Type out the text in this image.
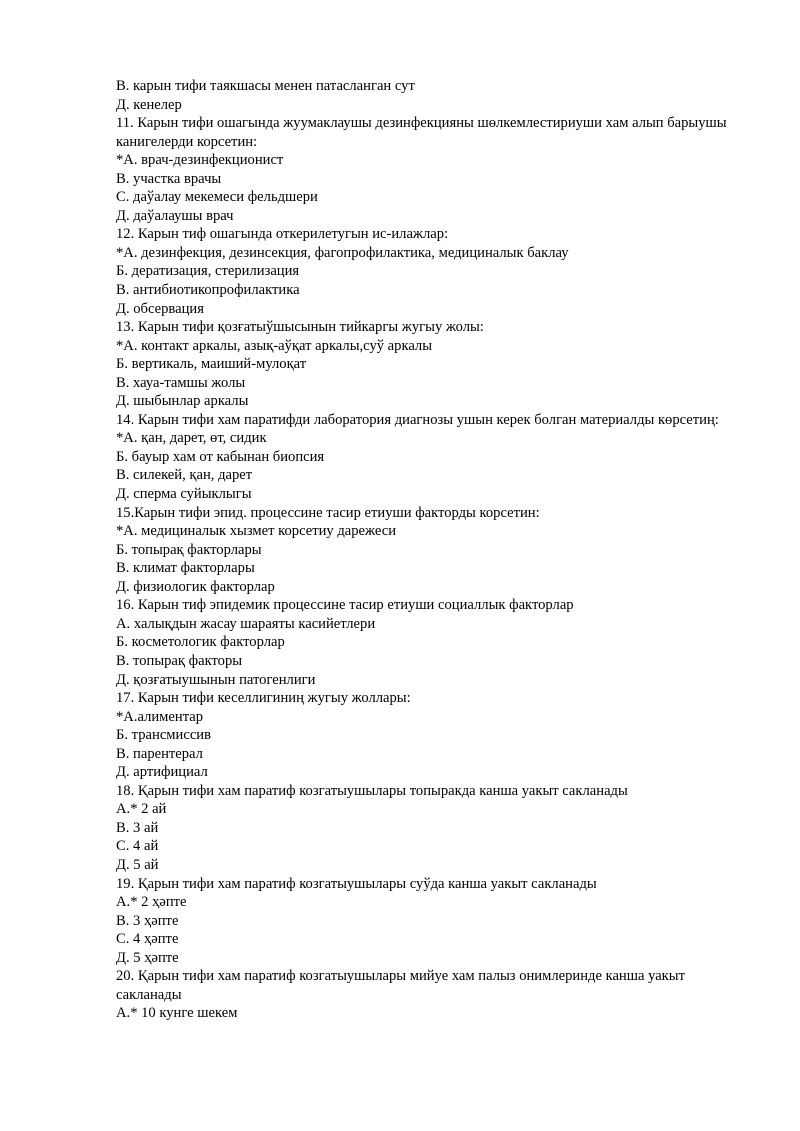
В. карын тифи таякшасы менен патасланган сут
Д. кенелер
11. Карын тифи ошагында жуумаклаушы дезинфекцияны шөлкемлестириуши хам алып барыушы канигелерди корсетин:
*А. врач-дезинфекционист
В. участка врачы
С. даўалау мекемеси фельдшери
Д. даўалаушы врач
12. Карын тиф ошагында откерилетугын ис-илажлар:
*А. дезинфекция, дезинсекция, фагопрофилактика, медициналык баклау
Б. дератизация, стерилизация
В. антибиотикопрофилактика
Д. обсервация
13. Карын тифи қозғатыўшысынын тийкаргы жугыу жолы:
*А. контакт аркалы, азық-аўқат аркалы,суў аркалы
Б. вертикаль, маиший-мулоқат
В. хауа-тамшы жолы
Д. шыбынлар аркалы
14. Карын тифи хам паратифди лаборатория диагнозы ушын керек болган материалды көрсетиң:
*А. қан, дарет, өт, сидик
Б. бауыр хам от кабынан биопсия
В. силекей, қан, дарет
Д. сперма суйыклыгы
15.Карын тифи эпид. процессине тасир етиуши факторды корсетин:
*А. медициналык хызмет корсетиу дарежеси
Б. топырақ факторлары
В. климат факторлары
Д. физиологик факторлар
16. Карын тиф эпидемик процессине тасир етиуши социаллык факторлар
А. халықдын жасау шараяты касийетлери
Б. косметологик факторлар
В. топырақ факторы
Д. қозғатыушынын патогенлиги
17. Карын тифи кеселлигиниң жугыу жоллары:
*А.алиментар
Б. трансмиссив
В. парентерал
Д. артифициал
18. Қарын тифи хам паратиф козгатыушылары топыракда канша уакыт сакланады
А.* 2 ай
В. 3 ай
С. 4 ай
Д. 5 ай
19. Қарын тифи хам паратиф козгатыушылары суўда канша уакыт сакланады
А.* 2 ҳәпте
В. 3 ҳәпте
С. 4 ҳәпте
Д. 5 ҳәпте
20. Қарын тифи хам паратиф козгатыушылары мийуе хам палыз онимлеринде канша уакыт сакланады
А.* 10 кунге шекем
